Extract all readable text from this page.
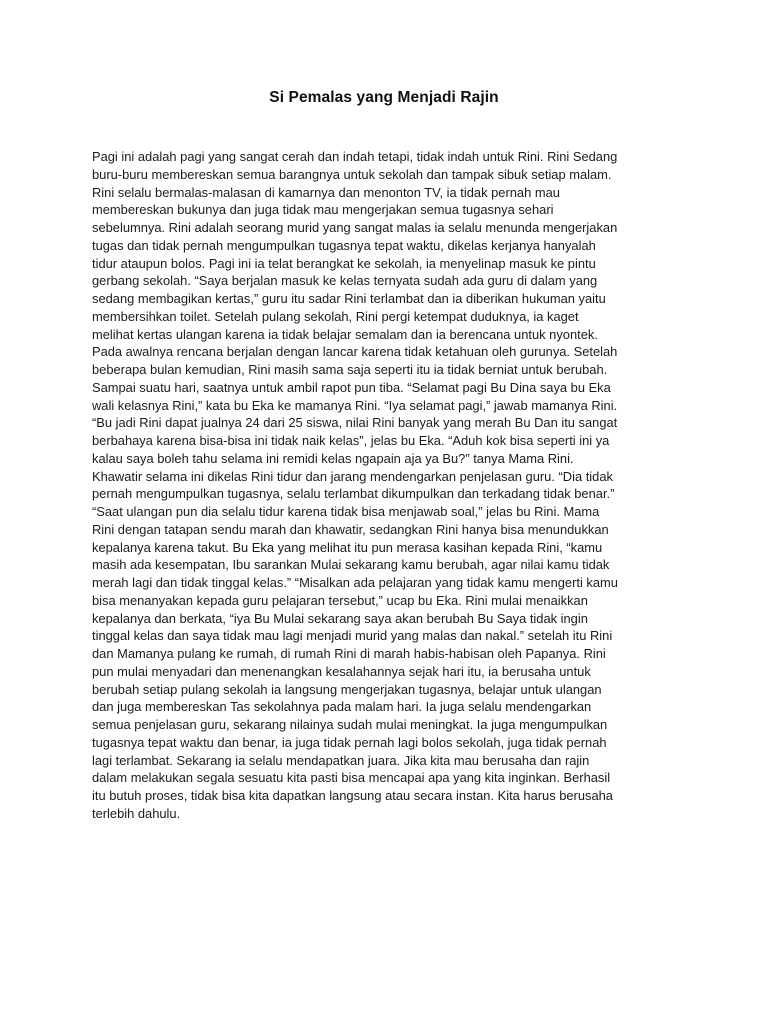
Si Pemalas yang Menjadi Rajin
Pagi ini adalah pagi yang sangat cerah dan indah tetapi, tidak indah untuk Rini. Rini Sedang
buru-buru membereskan semua barangnya untuk sekolah dan tampak sibuk setiap malam.
Rini selalu bermalas-malasan di kamarnya dan menonton TV, ia tidak pernah mau
membereskan bukunya dan juga tidak mau mengerjakan semua tugasnya sehari
sebelumnya. Rini adalah seorang murid yang sangat malas ia selalu menunda mengerjakan
tugas dan tidak pernah mengumpulkan tugasnya tepat waktu, dikelas kerjanya hanyalah
tidur ataupun bolos. Pagi ini ia telat berangkat ke sekolah, ia menyelinap masuk ke pintu
gerbang sekolah. “Saya berjalan masuk ke kelas ternyata sudah ada guru di dalam yang
sedang membagikan kertas,” guru itu sadar Rini terlambat dan ia diberikan hukuman yaitu
membersihkan toilet. Setelah pulang sekolah, Rini pergi ketempat duduknya, ia kaget
melihat kertas ulangan karena ia tidak belajar semalam dan ia berencana untuk nyontek.
Pada awalnya rencana berjalan dengan lancar karena tidak ketahuan oleh gurunya. Setelah
beberapa bulan kemudian, Rini masih sama saja seperti itu ia tidak berniat untuk berubah.
Sampai suatu hari, saatnya untuk ambil rapot pun tiba. “Selamat pagi Bu Dina saya bu Eka
wali kelasnya Rini,” kata bu Eka ke mamanya Rini. “Iya selamat pagi,” jawab mamanya Rini.
“Bu jadi Rini dapat jualnya 24 dari 25 siswa, nilai Rini banyak yang merah Bu Dan itu sangat
berbahaya karena bisa-bisa ini tidak naik kelas”, jelas bu Eka. “Aduh kok bisa seperti ini ya
kalau saya boleh tahu selama ini remidi kelas ngapain aja ya Bu?” tanya Mama Rini.
Khawatir selama ini dikelas Rini tidur dan jarang mendengarkan penjelasan guru. “Dia tidak
pernah mengumpulkan tugasnya, selalu terlambat dikumpulkan dan terkadang tidak benar.”
“Saat ulangan pun dia selalu tidur karena tidak bisa menjawab soal,” jelas bu Rini. Mama
Rini dengan tatapan sendu marah dan khawatir, sedangkan Rini hanya bisa menundukkan
kepalanya karena takut. Bu Eka yang melihat itu pun merasa kasihan kepada Rini, “kamu
masih ada kesempatan, Ibu sarankan Mulai sekarang kamu berubah, agar nilai kamu tidak
merah lagi dan tidak tinggal kelas.” “Misalkan ada pelajaran yang tidak kamu mengerti kamu
bisa menanyakan kepada guru pelajaran tersebut,” ucap bu Eka. Rini mulai menaikkan
kepalanya dan berkata, “iya Bu Mulai sekarang saya akan berubah Bu Saya tidak ingin
tinggal kelas dan saya tidak mau lagi menjadi murid yang malas dan nakal.” setelah itu Rini
dan Mamanya pulang ke rumah, di rumah Rini di marah habis-habisan oleh Papanya. Rini
pun mulai menyadari dan menenangkan kesalahannya sejak hari itu, ia berusaha untuk
berubah setiap pulang sekolah ia langsung mengerjakan tugasnya, belajar untuk ulangan
dan juga membereskan Tas sekolahnya pada malam hari. Ia juga selalu mendengarkan
semua penjelasan guru, sekarang nilainya sudah mulai meningkat. Ia juga mengumpulkan
tugasnya tepat waktu dan benar, ia juga tidak pernah lagi bolos sekolah, juga tidak pernah
lagi terlambat. Sekarang ia selalu mendapatkan juara. Jika kita mau berusaha dan rajin
dalam melakukan segala sesuatu kita pasti bisa mencapai apa yang kita inginkan. Berhasil
itu butuh proses, tidak bisa kita dapatkan langsung atau secara instan. Kita harus berusaha
terlebih dahulu.
